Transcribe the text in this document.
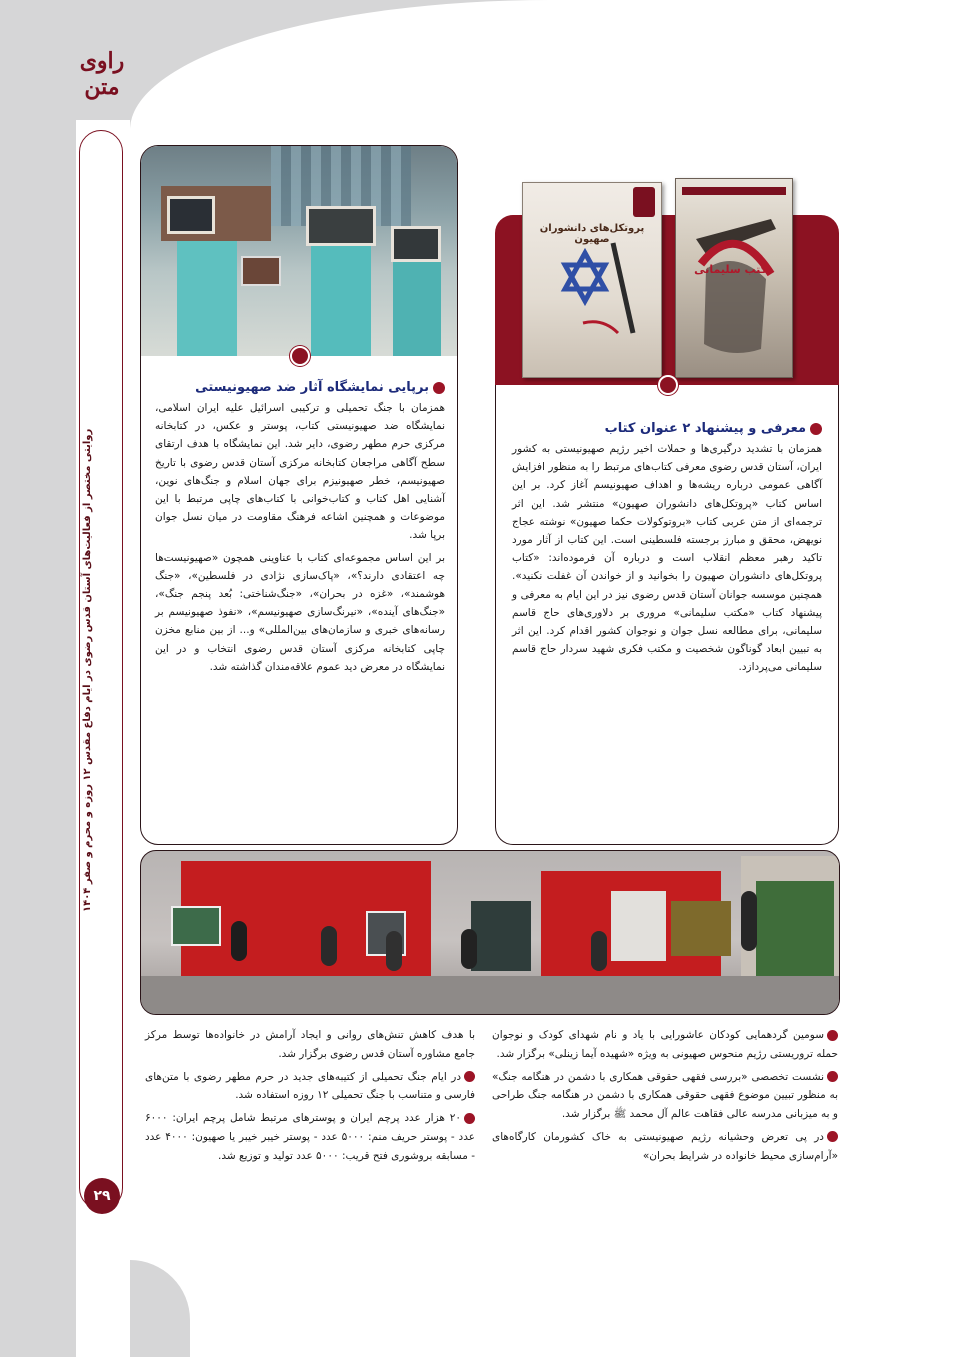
راوی متن
روایتی مختصر از فعالیت‌های آستان قدس رضوی در ایام دفاع مقدس ۱۲ روزه و محرم و صفر ۱۴۰۴
۲۹
مکتب سلیمانی
پروتکل‌های دانشوران صهیون
معرفی و پیشنهاد ۲ عنوان کتاب
همزمان با تشدید درگیری‌ها و حملات اخیر رژیم صهیونیستی به کشور ایران، آستان قدس رضوی معرفی کتاب‌های مرتبط را به منظور افزایش آگاهی عمومی درباره ریشه‌ها و اهداف صهیونیسم آغاز کرد. بر این اساس کتاب «پروتکل‌های دانشوران صهیون» منتشر شد. این اثر ترجمه‌ای از متن عربی کتاب «بروتوکولات حکما صهیون» نوشته عجاج نویهض، محقق و مبارز برجسته فلسطینی است. این کتاب از آثار مورد تاکید رهبر معظم انقلاب است و درباره آن فرموده‌اند: «کتاب پروتکل‌های دانشوران صهیون را بخوانید و از خواندن آن غفلت نکنید». همچنین موسسه جوانان آستان قدس رضوی نیز در این ایام به معرفی و پیشنهاد کتاب «مکتب سلیمانی» مروری بر دلاوری‌های حاج قاسم سلیمانی، برای مطالعه نسل جوان و نوجوان کشور اقدام کرد. این اثر به تبیین ابعاد گوناگون شخصیت و مکتب فکری شهید سردار حاج قاسم سلیمانی می‌پردازد.
برپایی نمایشگاه آثار ضد صهیونیستی
همزمان با جنگ تحمیلی و ترکیبی اسرائیل علیه ایران اسلامی، نمایشگاه ضد صهیونیستی کتاب، پوستر و عکس، در کتابخانه مرکزی حرم مطهر رضوی، دایر شد. این نمایشگاه با هدف ارتقای سطح آگاهی مراجعان کتابخانه مرکزی آستان قدس رضوی با تاریخ صهیونیسم، خطر صهیونیزم برای جهان اسلام و جنگ‌های نوین، آشنایی اهل کتاب و کتاب‌خوانی با کتاب‌های چاپی مرتبط با این موضوعات و همچنین اشاعه فرهنگ مقاومت در میان نسل جوان برپا شد.
بر این اساس مجموعه‌ای کتاب با عناوینی همچون «صهیونیست‌ها چه اعتقادی دارند؟»، «پاک‌سازی نژادی در فلسطین»، «جنگ هوشمند»، «غزه در بحران»، «جنگ‌شناختی: بُعد پنجم جنگ»، «جنگ‌های آینده»، «نیرنگ‌سازی صهیونیسم»، «نفوذ صهیونیسم بر رسانه‌های خبری و سازمان‌های بین‌المللی» و... از بین منابع مخزن چاپی کتابخانه مرکزی آستان قدس رضوی انتخاب و در این نمایشگاه در معرض دید عموم علاقه‌مندان گذاشته شد.

سومین گردهمایی کودکان عاشورایی با یاد و نام شهدای کودک و نوجوان حمله تروریستی رژیم منحوس صهیونی به ویژه «شهیده آیما زینلی» برگزار شد.

نشست تخصصی «بررسی فقهی حقوقی همکاری با دشمن در هنگامه جنگ» به منظور تبیین موضوع فقهی حقوقی همکاری با دشمن در هنگامه جنگ طراحی و به میزبانی مدرسه عالی فقاهت عالم آل محمد ﷺ برگزار شد.

در پی تعرض وحشیانه رژیم صهیونیستی به خاک کشورمان کارگاه‌های «آرام‌سازی محیط خانواده در شرایط بحران»

با هدف کاهش تنش‌های روانی و ایجاد آرامش در خانواده‌ها توسط مرکز جامع مشاوره آستان قدس رضوی برگزار شد.

در ایام جنگ تحمیلی از کتیبه‌های جدید در حرم مطهر رضوی با متن‌های فارسی و متناسب با جنگ تحمیلی ۱۲ روزه استفاده شد.

۲۰ هزار عدد پرچم ایران و پوسترهای مرتبط شامل پرچم ایران: ۶۰۰۰ عدد - پوستر حریف منم: ۵۰۰۰ عدد - پوستر خیبر خیبر یا صهیون: ۴۰۰۰ عدد - مسابقه بروشوری فتح قریب: ۵۰۰۰ عدد تولید و توزیع شد.
